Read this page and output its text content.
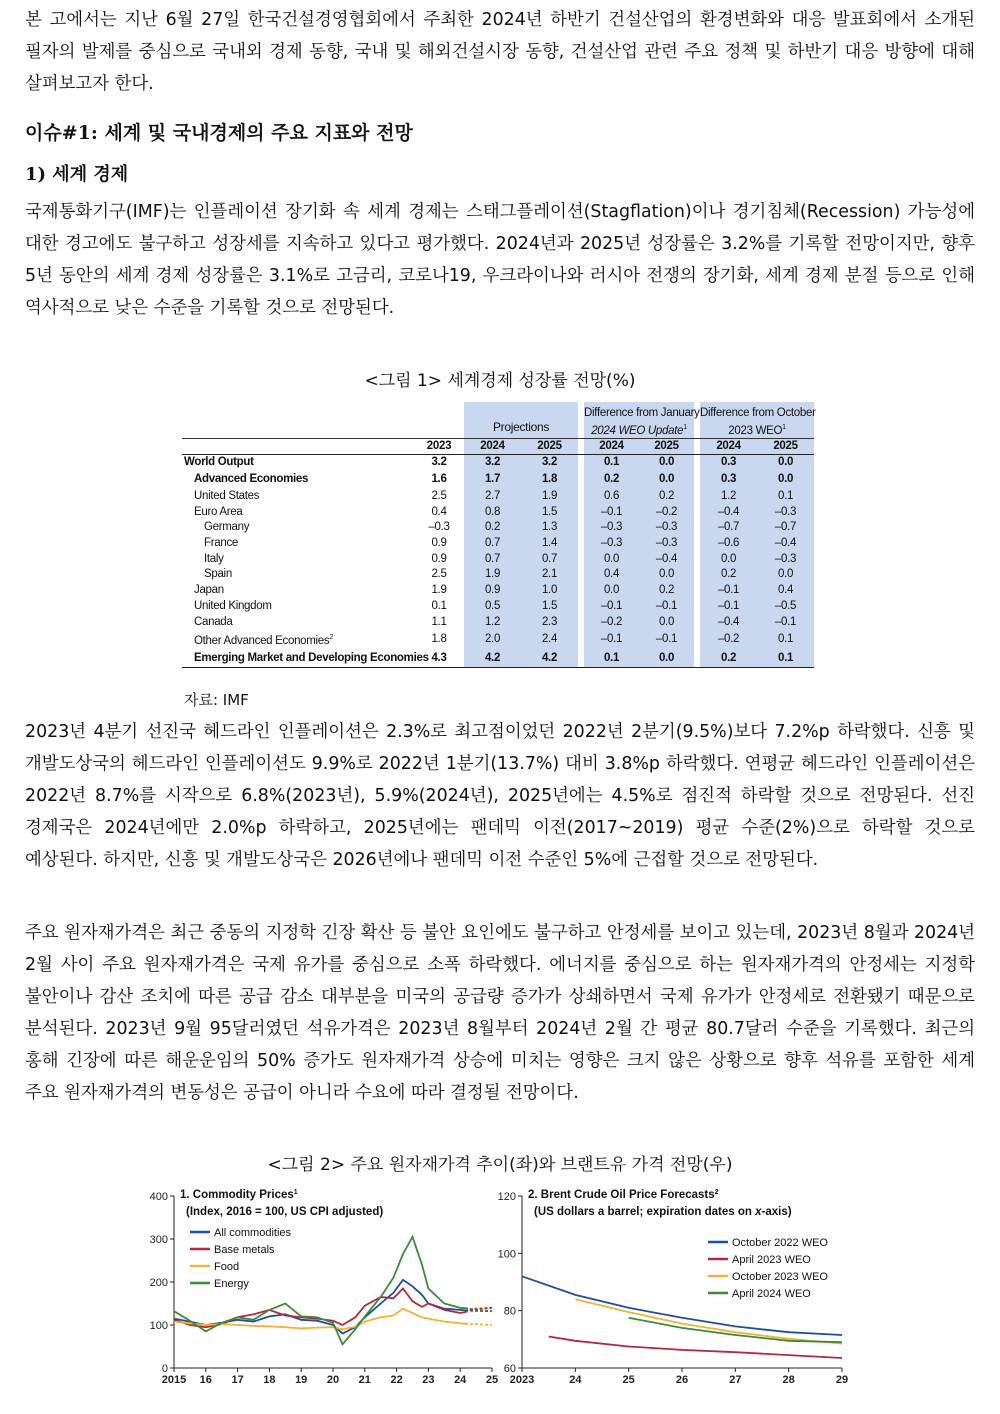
본 고에서는 지난 6월 27일 한국건설경영협회에서 주최한 2024년 하반기 건설산업의 환경변화와 대응 발표회에서 소개된 필자의 발제를 중심으로 국내외 경제 동향, 국내 및 해외건설시장 동향, 건설산업 관련 주요 정책 및 하반기 대응 방향에 대해 살펴보고자 한다.

이슈#1: 세계 및 국내경제의 주요 지표와 전망
1) 세계 경제

국제통화기구(IMF)는 인플레이션 장기화 속 세계 경제는 스태그플레이션(Stagflation)이나 경기침체(Recession) 가능성에 대한 경고에도 불구하고 성장세를 지속하고 있다고 평가했다. 2024년과 2025년 성장률은 3.2%를 기록할 전망이지만, 향후 5년 동안의 세계 경제 성장률은 3.1%로 고금리, 코로나19, 우크라이나와 러시아 전쟁의 장기화, 세계 경제 분절 등으로 인해 역사적으로 낮은 수준을 기록할 것으로 전망된다.

<그림 1> 세계경제 성장률 전망(%)

		Projections			Difference from January			Difference from October	
					2024 WEO Update$^1$			2023 WEO$^1$
	2023	2024	2025		2024	2025		2024	2025
World Output	3.2	3.2	3.2		0.1	0.0		0.3	0.0
Advanced Economies	1.6	1.7	1.8		0.2	0.0		0.3	0.0
United States	2.5	2.7	1.9		0.6	0.2		1.2	0.1
Euro Area	0.4	0.8	1.5		–0.1	–0.2		–0.4	–0.3
Germany	–0.3	0.2	1.3		–0.3	–0.3		–0.7	–0.7
France	0.9	0.7	1.4		–0.3	–0.3		–0.6	–0.4
Italy	0.9	0.7	0.7		0.0	–0.4		0.0	–0.3
Spain	2.5	1.9	2.1		0.4	0.0		0.2	0.0
Japan	1.9	0.9	1.0		0.0	0.2		–0.1	0.4
United Kingdom	0.1	0.5	1.5		–0.1	–0.1		–0.1	–0.5
Canada	1.1	1.2	2.3		–0.2	0.0		–0.4	–0.1
Other Advanced Economies$^2$	1.8	2.0	2.4		–0.1	–0.1		–0.2	0.1
Emerging Market and Developing Economies	4.3	4.2	4.2		0.1	0.0		0.2	0.1
자료: IMF

2023년 4분기 선진국 헤드라인 인플레이션은 2.3%로 최고점이었던 2022년 2분기(9.5%)보다 7.2%p 하락했다. 신흥 및 개발도상국의 헤드라인 인플레이션도 9.9%로 2022년 1분기(13.7%) 대비 3.8%p 하락했다. 연평균 헤드라인 인플레이션은 2022년 8.7%를 시작으로 6.8%(2023년), 5.9%(2024년), 2025년에는 4.5%로 점진적 하락할 것으로 전망된다. 선진 경제국은 2024년에만 2.0%p 하락하고, 2025년에는 팬데믹 이전(2017~2019) 평균 수준(2%)으로 하락할 것으로 예상된다. 하지만, 신흥 및 개발도상국은 2026년에나 팬데믹 이전 수준인 5%에 근접할 것으로 전망된다.

주요 원자재가격은 최근 중동의 지정학 긴장 확산 등 불안 요인에도 불구하고 안정세를 보이고 있는데, 2023년 8월과 2024년 2월 사이 주요 원자재가격은 국제 유가를 중심으로 소폭 하락했다. 에너지를 중심으로 하는 원자재가격의 안정세는 지정학 불안이나 감산 조치에 따른 공급 감소 대부분을 미국의 공급량 증가가 상쇄하면서 국제 유가가 안정세로 전환됐기 때문으로 분석된다. 2023년 9월 95달러였던 석유가격은 2023년 8월부터 2024년 2월 간 평균 80.7달러 수준을 기록했다. 최근의 홍해 긴장에 따른 해운운임의 50% 증가도 원자재가격 상승에 미치는 영향은 크지 않은 상황으로 향후 석유를 포함한 세계 주요 원자재가격의 변동성은 공급이 아니라 수요에 따라 결정될 전망이다.

<그림 2> 주요 원자재가격 추이(좌)와 브랜트유 가격 전망(우)

0
100
200
300
400
2015 16 17 18 19 20 21 22 23 24 25
1. Commodity Prices$^1$
(Index, 2016 = 100, US CPI adjusted)
All commodities
Base metals
Food
Energy
60
80
100
120
2023	24	25	26	27	28	29
2. Brent Crude Oil Price Forecasts$^2$
(US dollars a barrel; expiration dates on x-axis)
October 2022 WEO
April 2023 WEO
October 2023 WEO
April 2024 WEO
